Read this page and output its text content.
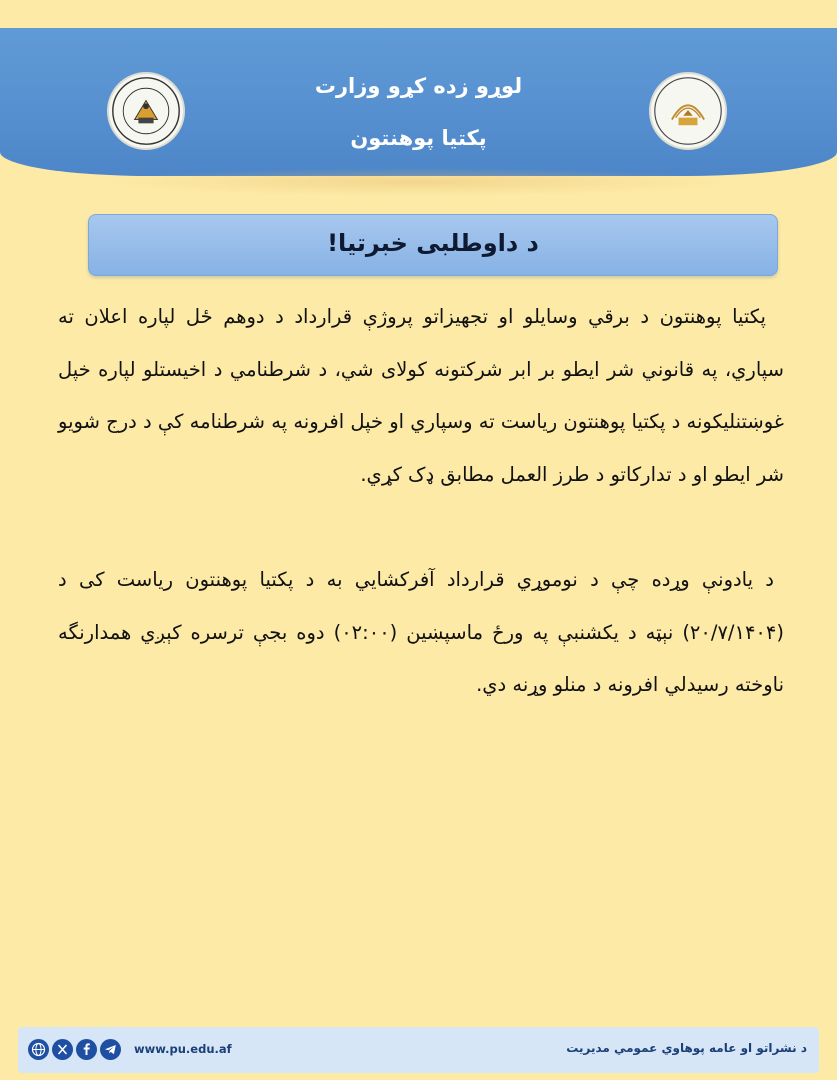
لوړو زده کړو وزارت
پکتیا پوهنتون
د داوطلبی خبرتیا!
پکتیا پوهنتون د برقي وسایلو او تجهیزاتو پروژې قرارداد د دوهم ځل لپاره اعلان ته سپاري، په قانوني شر ایطو بر ابر شرکتونه کولای شي، د شرطنامي د اخیستلو لپاره خپل غوښتنلیکونه د پکتیا پوهنتون ریاست ته وسپاري او خپل افرونه په شرطنامه کې د درج شویو شر ایطو او د تدارکاتو د طرز العمل مطابق ډک کړي.
د یادونې وړده چې د نوموړي قرارداد آفرکشایي به د پکتیا پوهنتون ریاست کی د (۲۰/۷/۱۴۰۴) نېټه د یکشنبې په ورځ ماسپښین (۰۲:۰۰) دوه بجې ترسره کېږي همدارنگه ناوخته رسیدلي افرونه د منلو وړنه دي.
www.pu.edu.af	د نشراتو او عامه پوهاوي عمومي مدیریت
